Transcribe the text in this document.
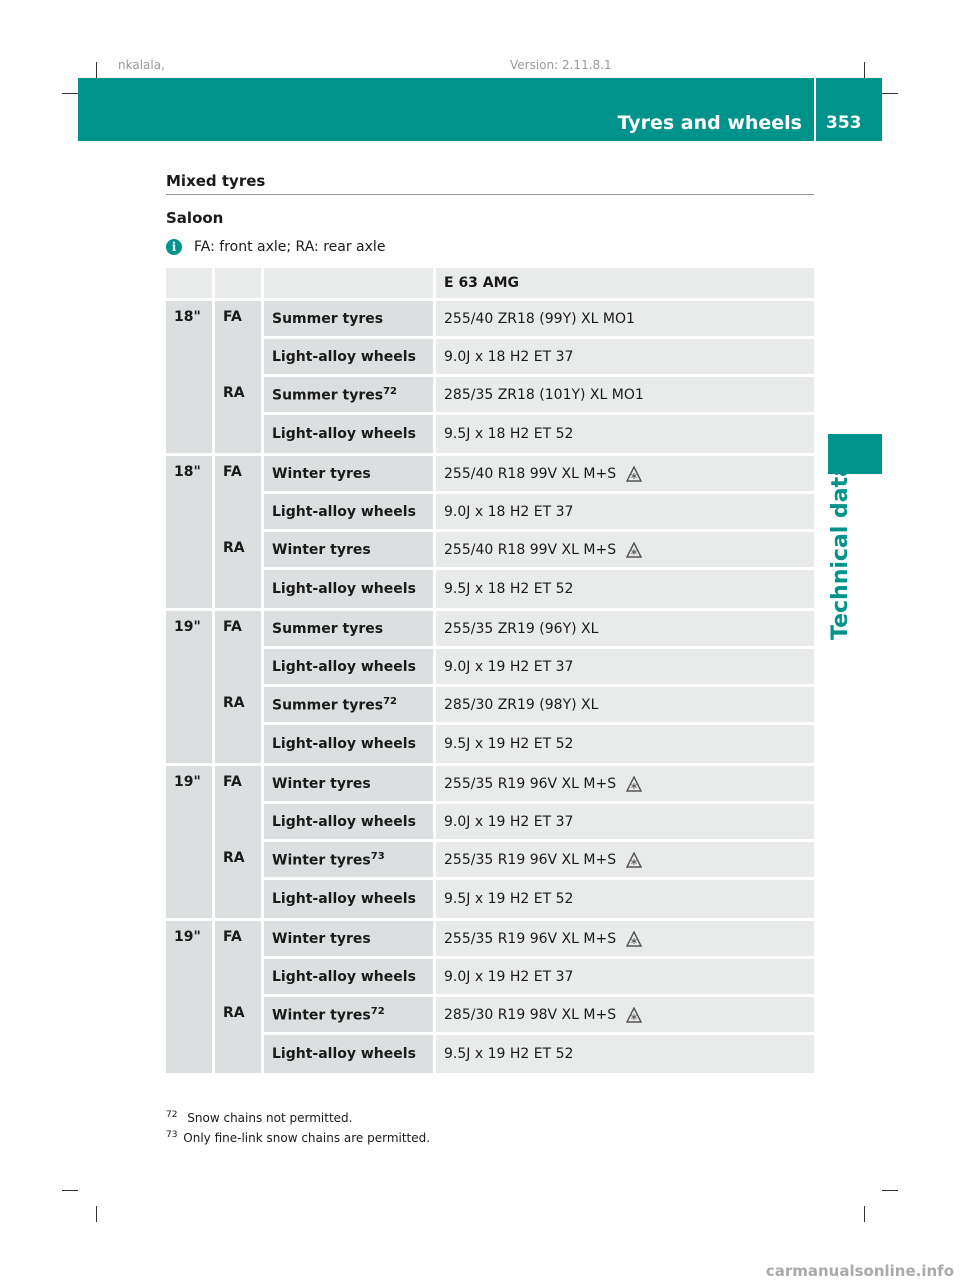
nkalala,	Version: 2.11.8.1
Tyres and wheels 353
Technical data
Mixed tyres
Saloon
i	FA: front axle; RA: rear axle
			E 63 AMG
18"	FA	Summer tyres	255/40 ZR18 (99Y) XL MO1
		Light-alloy wheels	9.0J x 18 H2 ET 37
	RA	Summer tyres$^{72}$	285/35 ZR18 (101Y) XL MO1
		Light-alloy wheels	9.5J x 18 H2 ET 52
18"	FA	Winter tyres	255/40 R18 99V XL M+S
		Light-alloy wheels	9.0J x 18 H2 ET 37
	RA	Winter tyres	255/40 R18 99V XL M+S
		Light-alloy wheels	9.5J x 18 H2 ET 52
19"	FA	Summer tyres	255/35 ZR19 (96Y) XL
		Light-alloy wheels	9.0J x 19 H2 ET 37
	RA	Summer tyres$^{72}$	285/30 ZR19 (98Y) XL
		Light-alloy wheels	9.5J x 19 H2 ET 52
19"	FA	Winter tyres	255/35 R19 96V XL M+S
		Light-alloy wheels	9.0J x 19 H2 ET 37
	RA	Winter tyres$^{73}$	255/35 R19 96V XL M+S
		Light-alloy wheels	9.5J x 19 H2 ET 52
19"	FA	Winter tyres	255/35 R19 96V XL M+S
		Light-alloy wheels	9.0J x 19 H2 ET 37
	RA	Winter tyres$^{72}$	285/30 R19 98V XL M+S
		Light-alloy wheels	9.5J x 19 H2 ET 52
$^{72}$ Snow chains not permitted.
$^{73}$ Only fine-link snow chains are permitted.
carmanualsonline.info
